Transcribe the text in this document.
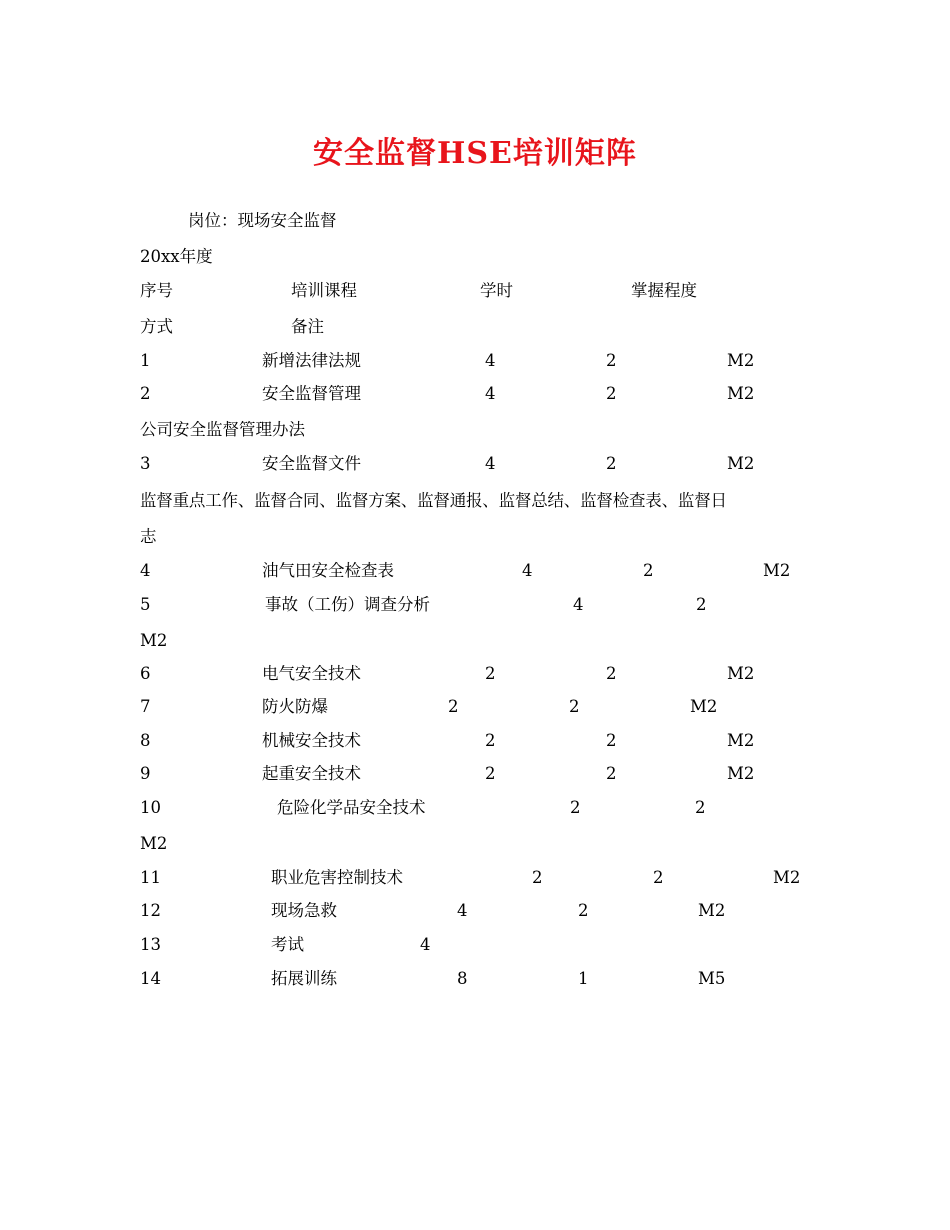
安全监督HSE培训矩阵
岗位：现场安全监督
20xx年度
序号	培训课程	学时	掌握程度
方式	备注
1	新增法律法规	4	2	M2
2	安全监督管理	4	2	M2
公司安全监督管理办法
3	安全监督文件	4	2	M2
监督重点工作、监督合同、监督方案、监督通报、监督总结、监督检查表、监督日
志
4	油气田安全检查表	4	2	M2
5	事故（工伤）调查分析	4	2
M2
6	电气安全技术	2	2	M2
7	防火防爆	2	2	M2
8	机械安全技术	2	2	M2
9	起重安全技术	2	2	M2
10	危险化学品安全技术	2	2
M2
11	职业危害控制技术	2	2	M2
12	现场急救	4	2	M2
13	考试	4
14	拓展训练	8	1	M5
